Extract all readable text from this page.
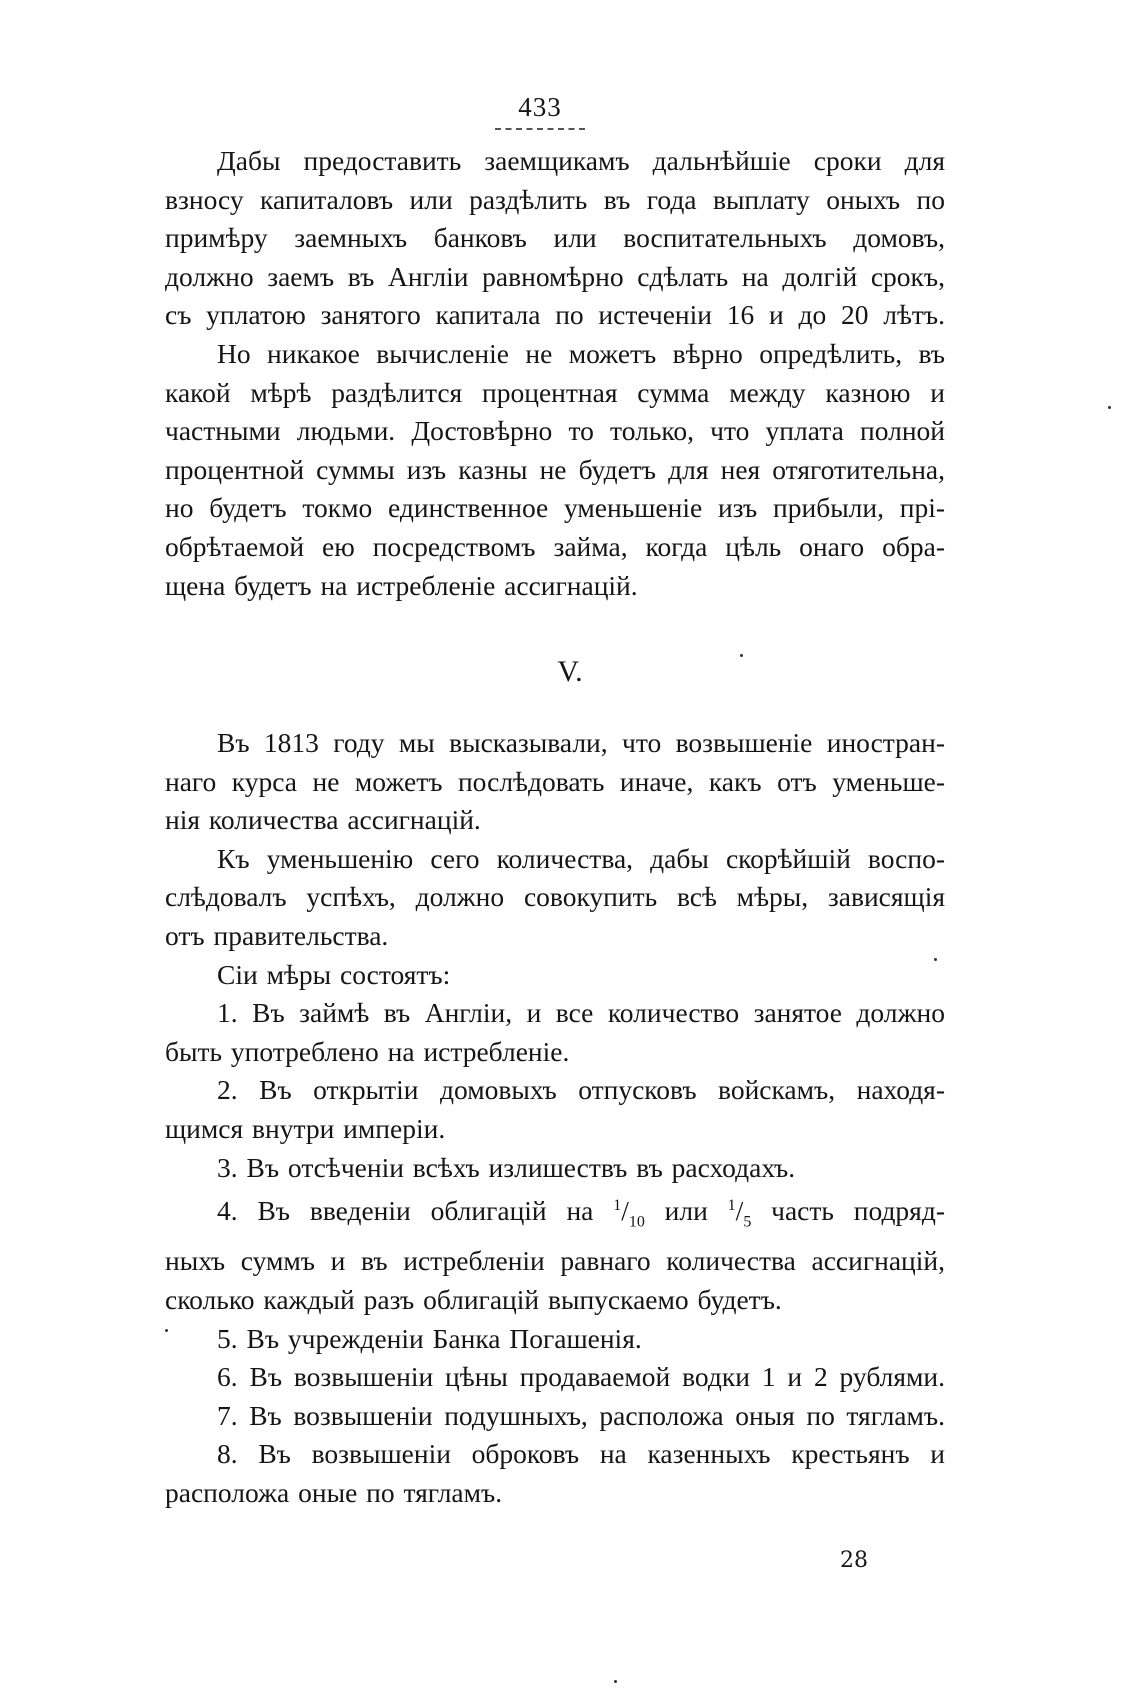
433

Дабы предоставить заемщикамъ дальнѣйшіе сроки для
взносу капиталовъ или раздѣлить въ года выплату оныхъ по
примѣру заемныхъ банковъ или воспитательныхъ домовъ,
должно заемъ въ Англіи равномѣрно сдѣлать на долгій срокъ,
съ уплатою занятого капитала по истеченіи 16 и до 20 лѣтъ.

Но никакое вычисленіе не можетъ вѣрно опредѣлить, въ
какой мѣрѣ раздѣлится процентная сумма между казною и
частными людьми. Достовѣрно то только, что уплата полной
процентной суммы изъ казны не будетъ для нея отяготительна,
но будетъ токмо единственное уменьшеніе изъ прибыли, прі-
обрѣтаемой ею посредствомъ займа, когда цѣль онаго обра-
щена будетъ на истребленіе ассигнацій.

V.

Въ 1813 году мы высказывали, что возвышеніе иностран-
наго курса не можетъ послѣдовать иначе, какъ отъ уменьше-
нія количества ассигнацій.

Къ уменьшенію сего количества, дабы скорѣйшій воспо-
слѣдовалъ успѣхъ, должно совокупить всѣ мѣры, зависящія
отъ правительства.

Сіи мѣры состоятъ:

1. Въ займѣ въ Англіи, и все количество занятое должно
быть употреблено на истребленіе.

2. Въ открытіи домовыхъ отпусковъ войскамъ, находя-
щимся внутри имперіи.

3. Въ отсѣченіи всѣхъ излишествъ въ расходахъ.

4. Въ введеніи облигацій на $^1/_{10}$ или $^1/_5$ часть подряд-
ныхъ суммъ и въ истребленіи равнаго количества ассигнацій,
сколько каждый разъ облигацій выпускаемо будетъ.

5. Въ учрежденіи Банка Погашенія.

6. Въ возвышеніи цѣны продаваемой водки 1 и 2 рублями.

7. Въ возвышеніи подушныхъ, расположа оныя по тягламъ.

8. Въ возвышеніи оброковъ на казенныхъ крестьянъ и
расположа оные по тягламъ.

28
